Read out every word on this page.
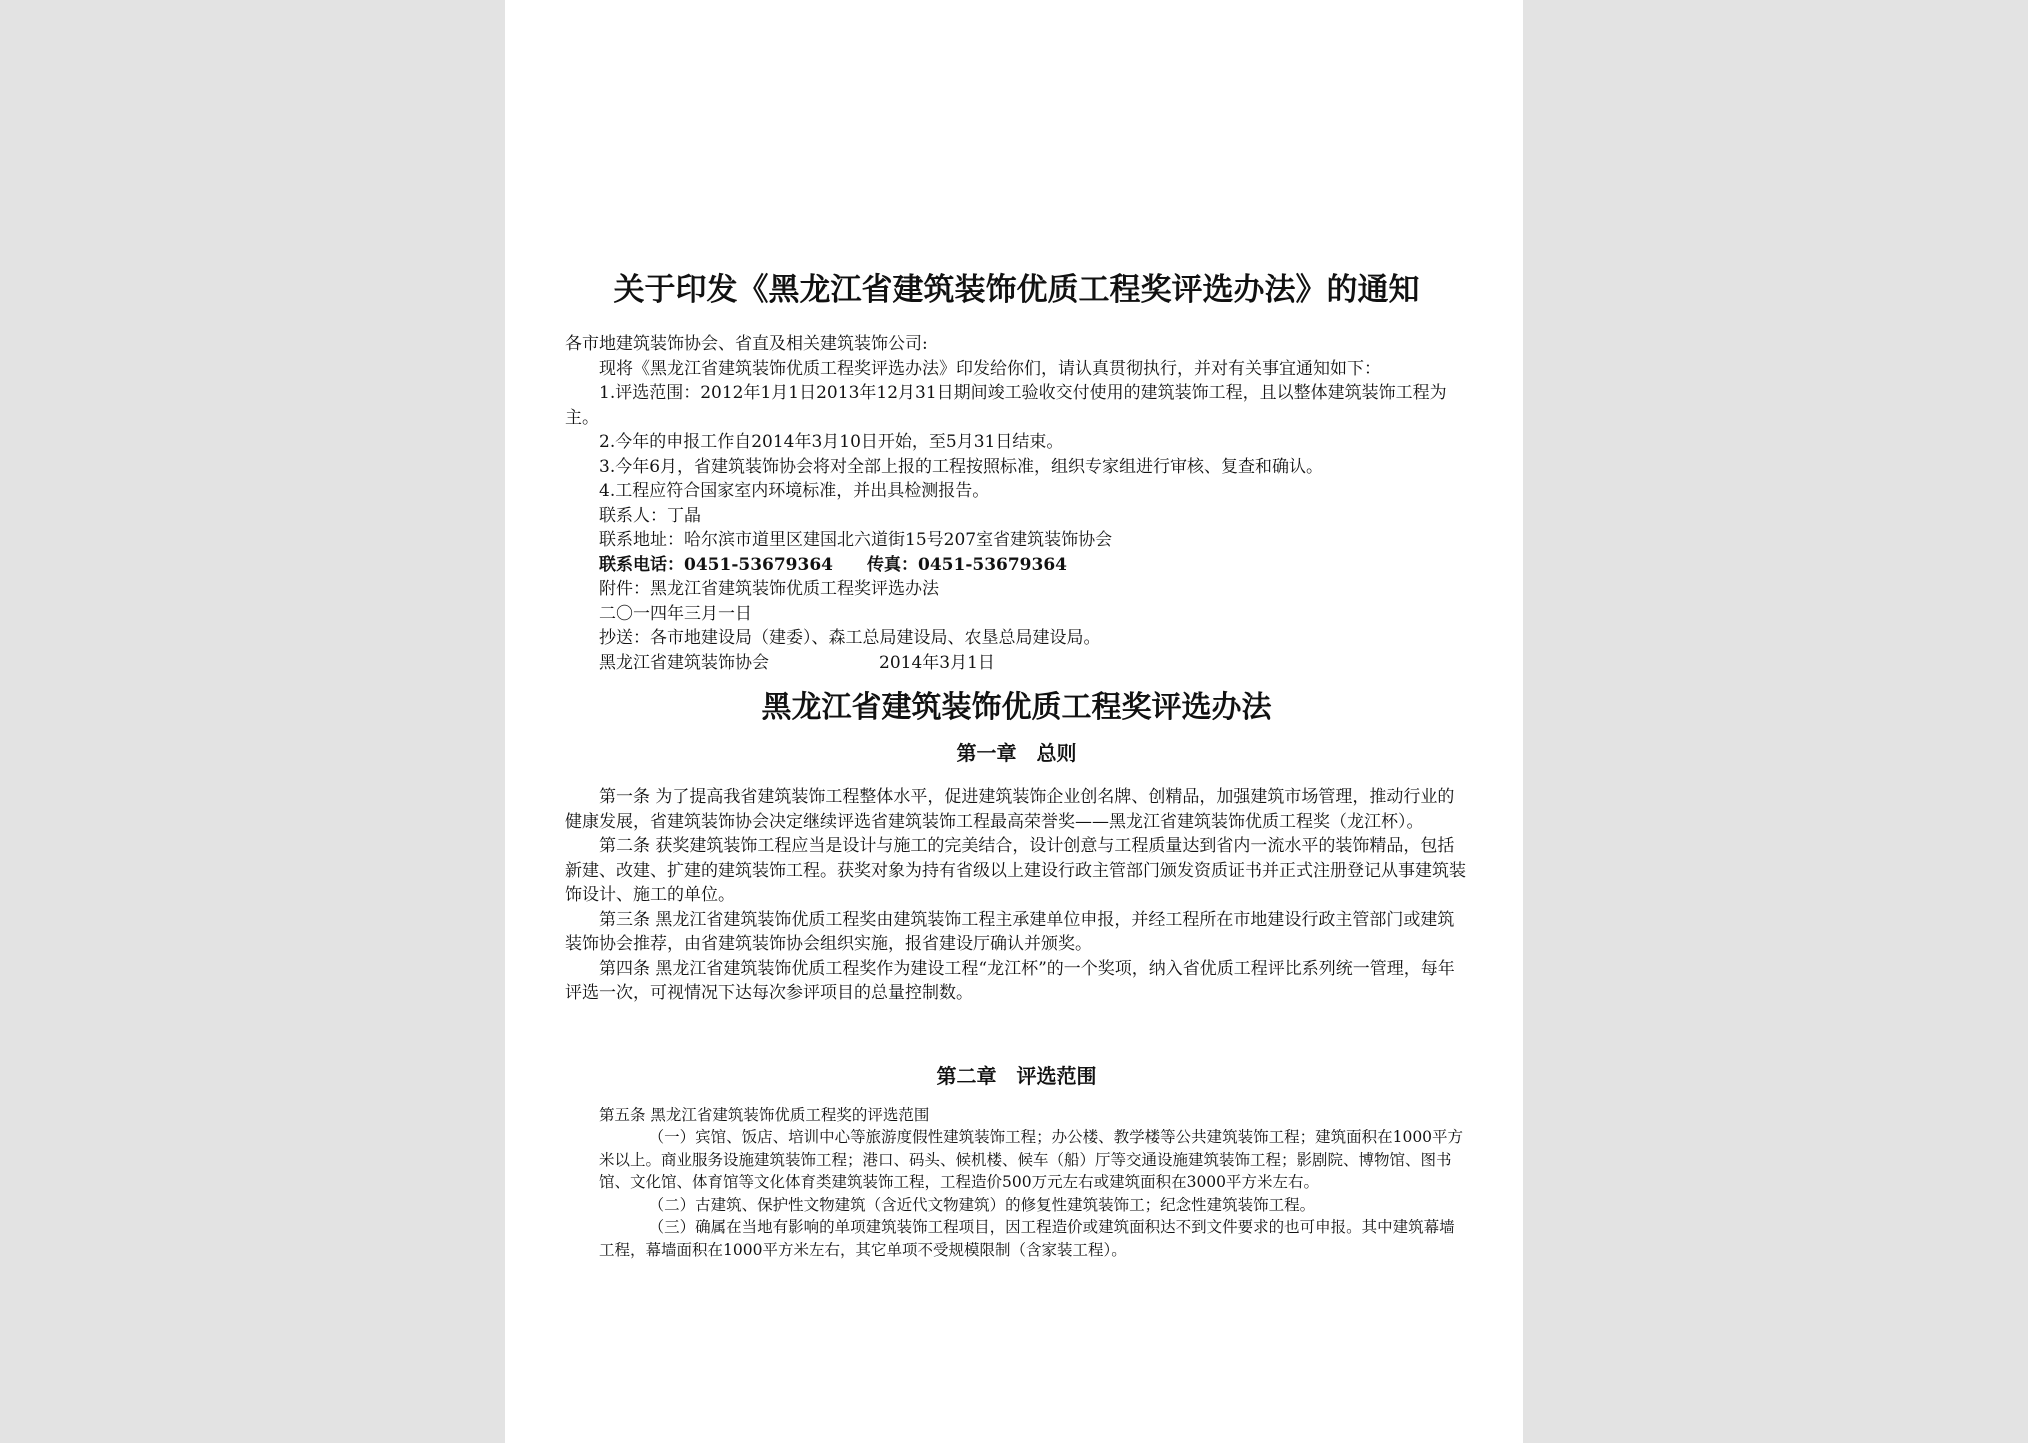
关于印发《黑龙江省建筑装饰优质工程奖评选办法》的通知

各市地建筑装饰协会、省直及相关建筑装饰公司:

现将《黑龙江省建筑装饰优质工程奖评选办法》印发给你们，请认真贯彻执行，并对有关事宜通知如下：

1.评选范围：2012年1月1日2013年12月31日期间竣工验收交付使用的建筑装饰工程，且以整体建筑装饰工程为主。

2.今年的申报工作自2014年3月10日开始，至5月31日结束。

3.今年6月，省建筑装饰协会将对全部上报的工程按照标准，组织专家组进行审核、复查和确认。

4.工程应符合国家室内环境标准，并出具检测报告。

联系人：丁晶

联系地址：哈尔滨市道里区建国北六道街15号207室省建筑装饰协会

联系电话：0451-53679364　　传真：0451-53679364

附件：黑龙江省建筑装饰优质工程奖评选办法

二〇一四年三月一日

抄送：各市地建设局（建委）、森工总局建设局、农垦总局建设局。

黑龙江省建筑装饰协会	2014年3月1日

黑龙江省建筑装饰优质工程奖评选办法
第一章　总则

第一条 为了提高我省建筑装饰工程整体水平，促进建筑装饰企业创名牌、创精品，加强建筑市场管理，推动行业的健康发展，省建筑装饰协会决定继续评选省建筑装饰工程最高荣誉奖——黑龙江省建筑装饰优质工程奖（龙江杯）。

第二条 获奖建筑装饰工程应当是设计与施工的完美结合，设计创意与工程质量达到省内一流水平的装饰精品，包括新建、改建、扩建的建筑装饰工程。获奖对象为持有省级以上建设行政主管部门颁发资质证书并正式注册登记从事建筑装饰设计、施工的单位。

第三条 黑龙江省建筑装饰优质工程奖由建筑装饰工程主承建单位申报，并经工程所在市地建设行政主管部门或建筑装饰协会推荐，由省建筑装饰协会组织实施，报省建设厅确认并颁奖。

第四条 黑龙江省建筑装饰优质工程奖作为建设工程“龙江杯”的一个奖项，纳入省优质工程评比系列统一管理，每年评选一次，可视情况下达每次参评项目的总量控制数。

第二章　评选范围

第五条 黑龙江省建筑装饰优质工程奖的评选范围

（一）宾馆、饭店、培训中心等旅游度假性建筑装饰工程；办公楼、教学楼等公共建筑装饰工程；建筑面积在1000平方米以上。商业服务设施建筑装饰工程；港口、码头、候机楼、候车（船）厅等交通设施建筑装饰工程；影剧院、博物馆、图书馆、文化馆、体育馆等文化体育类建筑装饰工程，工程造价500万元左右或建筑面积在3000平方米左右。

（二）古建筑、保护性文物建筑（含近代文物建筑）的修复性建筑装饰工；纪念性建筑装饰工程。

（三）确属在当地有影响的单项建筑装饰工程项目，因工程造价或建筑面积达不到文件要求的也可申报。其中建筑幕墙工程，幕墙面积在1000平方米左右，其它单项不受规模限制（含家装工程）。
